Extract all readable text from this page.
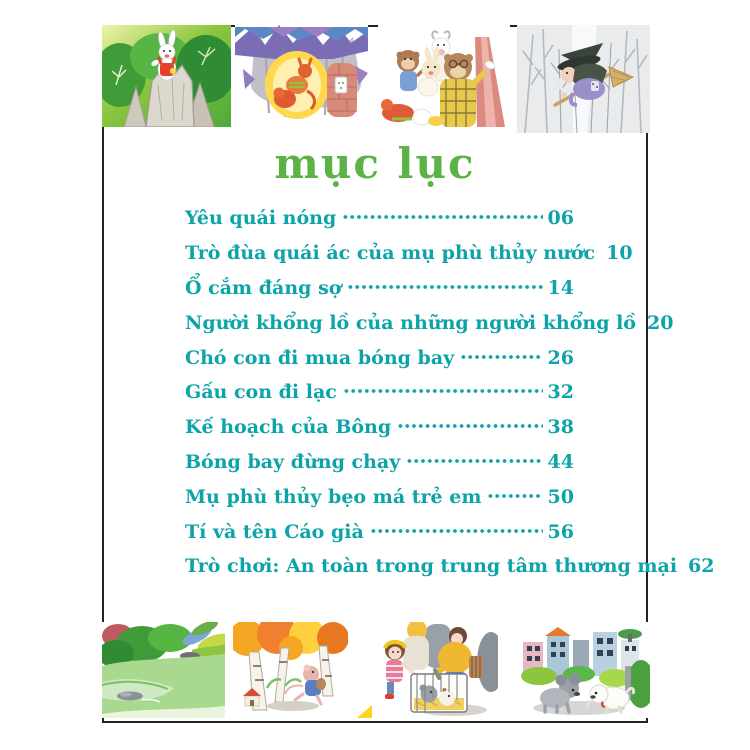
mục lục
Yêu quái nóng	06
Trò đùa quái ác của mụ phù thủy nước 10
Ổ cắm đáng sợ	14
Người khổng lồ của những người khổng lồ 20
Chó con đi mua bóng bay	26
Gấu con đi lạc	32
Kế hoạch của Bông	38
Bóng bay đừng chạy	44
Mụ phù thủy bẹo má trẻ em	50
Tí và tên Cáo già	56
Trò chơi: An toàn trong trung tâm thương mại 62
